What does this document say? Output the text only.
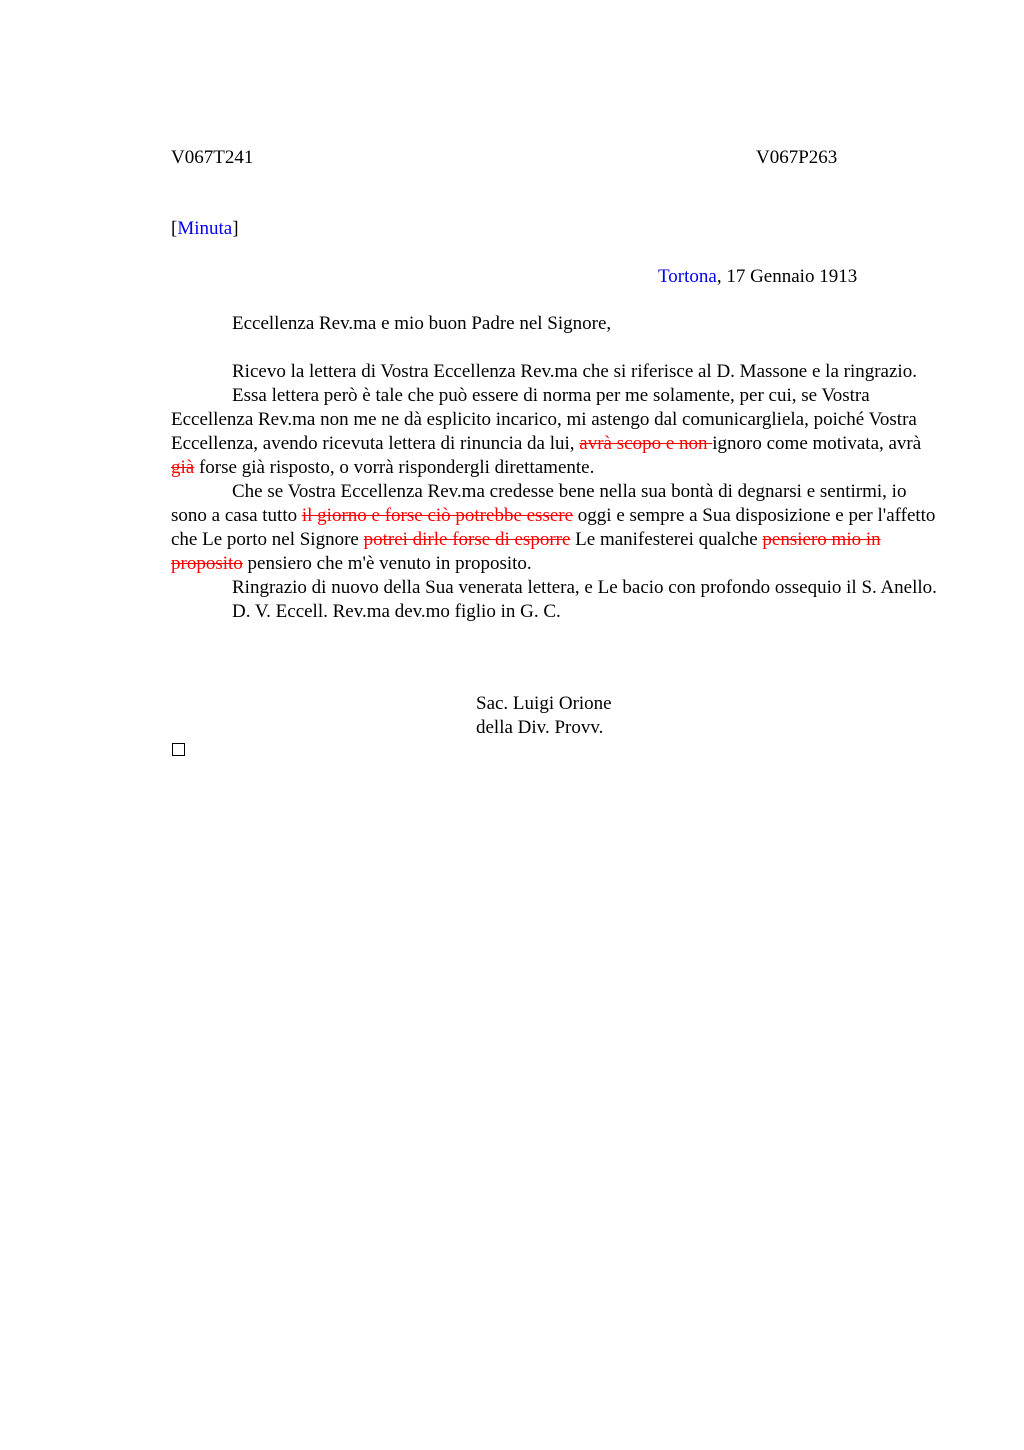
V067T241	V067P263
[Minuta]
Tortona, 17 Gennaio 1913

Eccellenza Rev.ma e mio buon Padre nel Signore,

Ricevo la lettera di Vostra Eccellenza Rev.ma che si riferisce al D. Massone e la ringrazio.

Essa lettera però è tale che può essere di norma per me solamente, per cui, se Vostra Eccellenza Rev.ma non me ne dà esplicito incarico, mi astengo dal comunicargliela, poiché Vostra Eccellenza, avendo ricevuta lettera di rinuncia da lui, avrà scopo e non ignoro come motivata, avrà già forse già risposto, o vorrà rispondergli direttamente.

Che se Vostra Eccellenza Rev.ma credesse bene nella sua bontà di degnarsi e sentirmi, io sono a casa tutto il giorno e forse ciò potrebbe essere oggi e sempre a Sua disposizione e per l'affetto che Le porto nel Signore potrei dirle forse di esporre Le manifesterei qualche pensiero mio in proposito pensiero che m'è venuto in proposito.

Ringrazio di nuovo della Sua venerata lettera, e Le bacio con profondo ossequio il S. Anello.

D. V. Eccell. Rev.ma dev.mo figlio in G. C.

Sac. Luigi Orione
della Div. Provv.
